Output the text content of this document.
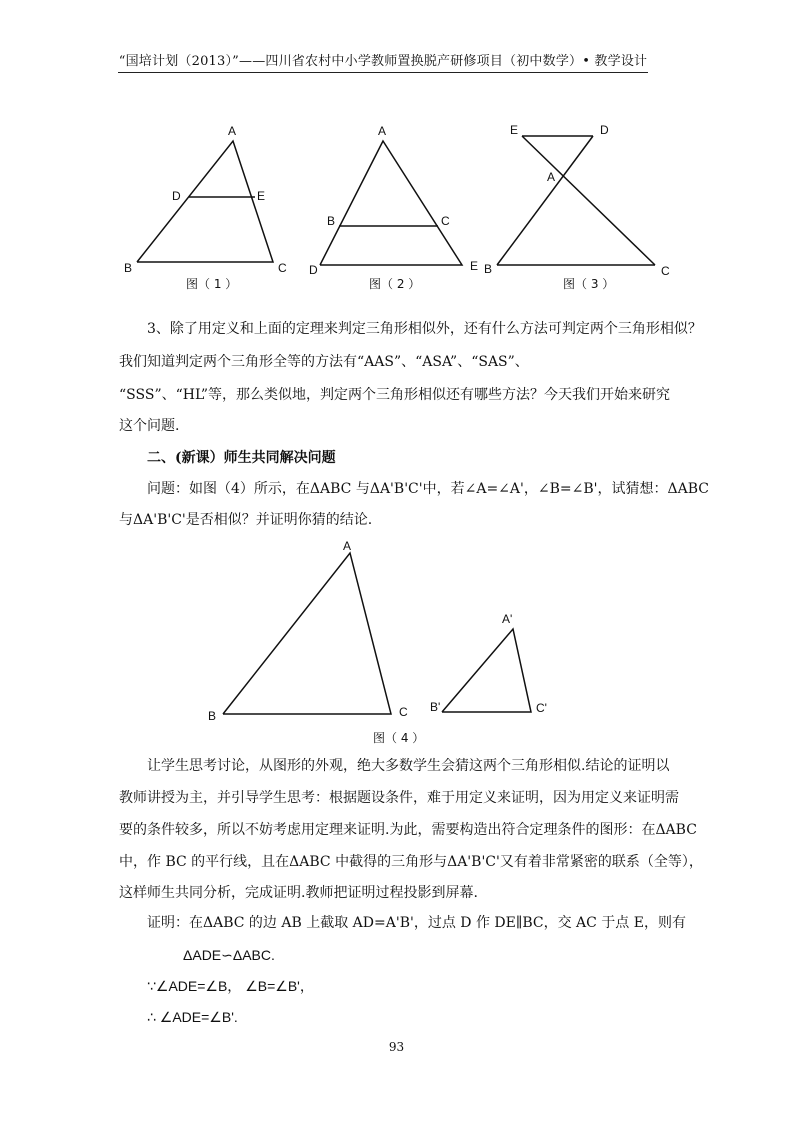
“国培计划（2013）”——四川省农村中小学教师置换脱产研修项目（初中数学）• 教学设计
A
D	E
B	C
图（ 1 ）
A
B	C
D	E
图（ 2 ）
E	D
A
B	C
图（ 3 ）
3、除了用定义和上面的定理来判定三角形相似外，还有什么方法可判定两个三角形相似？
我们知道判定两个三角形全等的方法有“AAS”、“ASA”、“SAS”、
“SSS”、“HL”等，那么类似地，判定两个三角形相似还有哪些方法？今天我们开始来研究
这个问题.
二、(新课）师生共同解决问题
问题：如图（4）所示，在ΔABC 与ΔA'B'C'中，若∠A=∠A'，∠B=∠B'，试猜想：ΔABC
与ΔA'B'C'是否相似？并证明你猜的结论.
A
B	C
A'
B'	C'
图（ 4 ）
让学生思考讨论，从图形的外观，绝大多数学生会猜这两个三角形相似.结论的证明以
教师讲授为主，并引导学生思考：根据题设条件，难于用定义来证明，因为用定义来证明需
要的条件较多，所以不妨考虑用定理来证明.为此，需要构造出符合定理条件的图形：在ΔABC
中，作 BC 的平行线，且在ΔABC 中截得的三角形与ΔA'B'C'又有着非常紧密的联系（全等），
这样师生共同分析，完成证明.教师把证明过程投影到屏幕.
证明：在ΔABC 的边 AB 上截取 AD=A'B'，过点 D 作 DE∥BC，交 AC 于点 E，则有
ΔADE∽ΔABC.
∵∠ADE=∠B， ∠B=∠B'，
∴ ∠ADE=∠B'.
93
